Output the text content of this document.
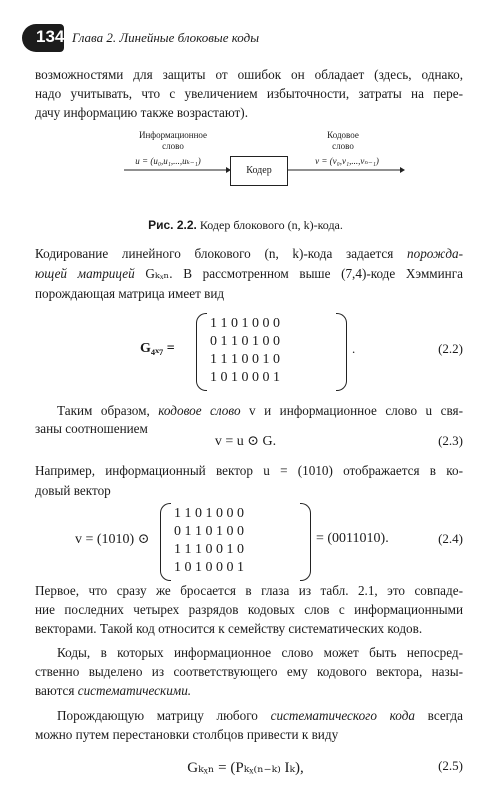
134 Глава 2. Линейные блоковые коды
возможностями для защиты от ошибок он обладает (здесь, однако,
надо учитывать, что с увеличением избыточности, затраты на пере-
дачу информацию также возрастают).
Информационное
слово
u = (u₀,u₁,...,uₖ₋₁)
Кодер
Кодовое
слово
v = (v₀,v₁,...,vₙ₋₁)
Рис. 2.2. Кодер блокового (n, k)-кода.
Кодирование линейного блокового (n, k)-кода задается порожда-
ющей матрицей Gₖₓₙ. В рассмотренном выше (7,4)-коде Хэмминга
порождающая матрица имеет вид
G₄ₓ₇ =
1 1 0 1 0 0 0
0 1 1 0 1 0 0
1 1 1 0 0 1 0
1 0 1 0 0 0 1
.	(2.2)
Таким образом, кодовое слово v и информационное слово u свя-
заны соотношением
v = u ⊙ G.	(2.3)
Например, информационный вектор u = (1010) отображается в ко-
довый вектор
v = (1010) ⊙
1 1 0 1 0 0 0
0 1 1 0 1 0 0
1 1 1 0 0 1 0
1 0 1 0 0 0 1
= (0011010).	(2.4)
Первое, что сразу же бросается в глаза из табл. 2.1, это совпаде-
ние последних четырех разрядов кодовых слов с информационными
векторами. Такой код относится к семейству систематических кодов.
Коды, в которых информационное слово может быть непосред-
ственно выделено из соответствующего ему кодового вектора, назы-
ваются систематическими.
Порождающую матрицу любого систематического кода всегда
можно путем перестановки столбцов привести к виду
Gₖₓₙ = (Pₖₓ₍ₙ₋ₖ₎ Iₖ),	(2.5)
